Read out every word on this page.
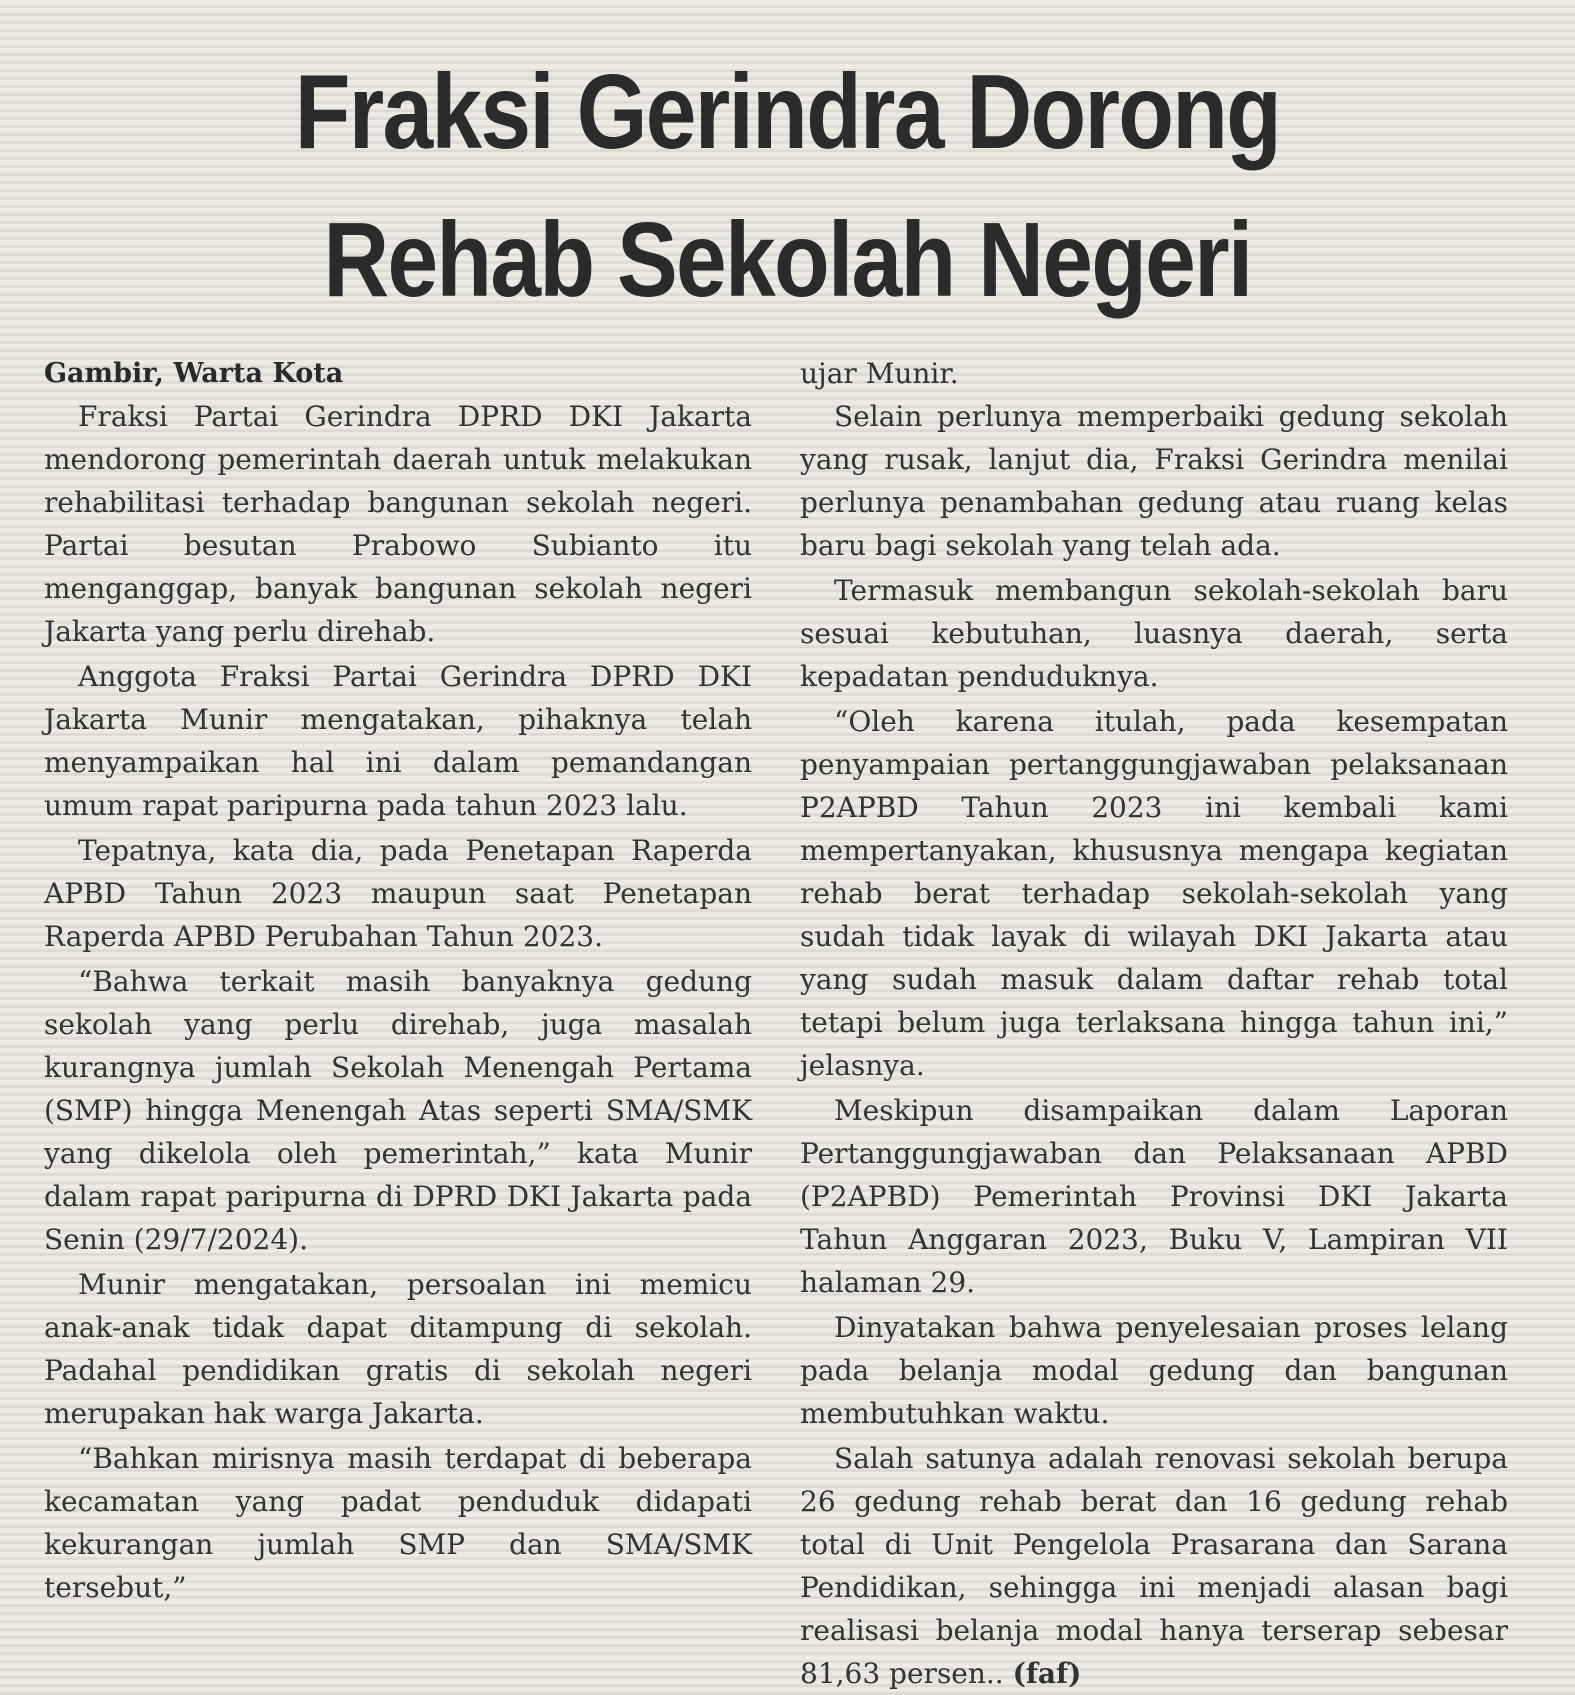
Fraksi Gerindra Dorong
Rehab Sekolah Negeri

Gambir, Warta Kota

Fraksi Partai Gerindra DPRD DKI Jakarta mendorong pemerintah daerah untuk melakukan rehabilitasi terhadap bangunan sekolah negeri. Partai besutan Prabowo Subianto itu menganggap, banyak bangunan sekolah negeri Jakarta yang perlu direhab.

Anggota Fraksi Partai Gerindra DPRD DKI Jakarta Munir mengatakan, pihaknya telah menyampaikan hal ini dalam pemandangan umum rapat paripurna pada tahun 2023 lalu.

Tepatnya, kata dia, pada Penetapan Raperda APBD Tahun 2023 maupun saat Penetapan Raperda APBD Perubahan Tahun 2023.

“Bahwa terkait masih banyaknya gedung sekolah yang perlu direhab, juga masalah kurangnya jumlah Sekolah Menengah Pertama (SMP) hingga Menengah Atas seperti SMA/SMK yang dikelola oleh pemerintah,” kata Munir dalam rapat paripurna di DPRD DKI Jakarta pada Senin (29/7/2024).

Munir mengatakan, persoalan ini memicu anak-anak tidak dapat ditampung di sekolah. Padahal pendidikan gratis di sekolah negeri merupakan hak warga Jakarta.

“Bahkan mirisnya masih terdapat di beberapa kecamatan yang padat penduduk didapati kekurangan jumlah SMP dan SMA/SMK tersebut,”

ujar Munir.

Selain perlunya memperbaiki gedung sekolah yang rusak, lanjut dia, Fraksi Gerindra menilai perlunya penambahan gedung atau ruang kelas baru bagi sekolah yang telah ada.

Termasuk membangun sekolah-sekolah baru sesuai kebutuhan, luasnya daerah, serta kepadatan penduduknya.

“Oleh karena itulah, pada kesempatan penyampaian pertanggungjawaban pelaksanaan P2APBD Tahun 2023 ini kembali kami mempertanyakan, khususnya mengapa kegiatan rehab berat terhadap sekolah-sekolah yang sudah tidak layak di wilayah DKI Jakarta atau yang sudah masuk dalam daftar rehab total tetapi belum juga terlaksana hingga tahun ini,” jelasnya.

Meskipun disampaikan dalam Laporan Pertanggungjawaban dan Pelaksanaan APBD (P2APBD) Pemerintah Provinsi DKI Jakarta Tahun Anggaran 2023, Buku V, Lampiran VII halaman 29.

Dinyatakan bahwa penyelesaian proses lelang pada belanja modal gedung dan bangunan membutuhkan waktu.

Salah satunya adalah renovasi sekolah berupa 26 gedung rehab berat dan 16 gedung rehab total di Unit Pengelola Prasarana dan Sarana Pendidikan, sehingga ini menjadi alasan bagi realisasi belanja modal hanya terserap sebesar 81,63 persen.. (faf)
